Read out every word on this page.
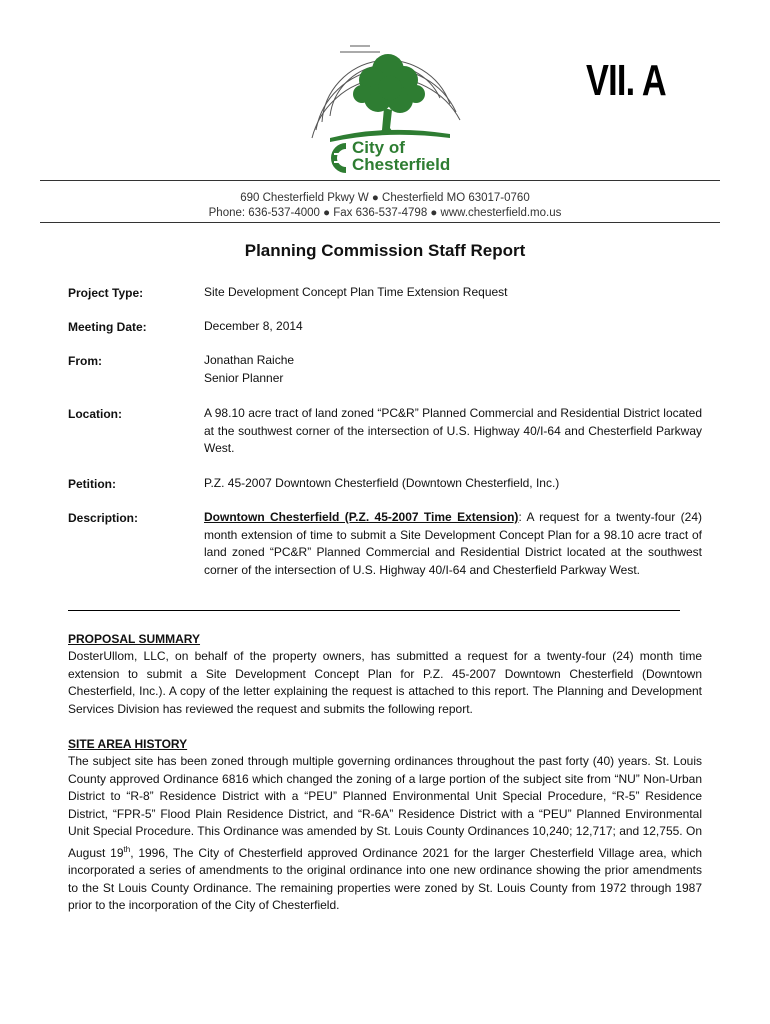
City of
Chesterfield
VII. A
690 Chesterfield Pkwy W ● Chesterfield MO 63017-0760
Phone: 636-537-4000 ● Fax 636-537-4798 ● www.chesterfield.mo.us
Planning Commission Staff Report
Project Type:	Site Development Concept Plan Time Extension Request
Meeting Date:	December 8, 2014
From:	Jonathan Raiche

Senior Planner

Location:	A 98.10 acre tract of land zoned “PC&R” Planned Commercial and Residential District located at the southwest corner of the intersection of U.S. Highway 40/I-64 and Chesterfield Parkway West.
Petition:	P.Z. 45-2007 Downtown Chesterfield (Downtown Chesterfield, Inc.)
Description:	Downtown Chesterfield (P.Z. 45-2007 Time Extension): A request for a twenty-four (24) month extension of time to submit a Site Development Concept Plan for a 98.10 acre tract of land zoned “PC&R” Planned Commercial and Residential District located at the southwest corner of the intersection of U.S. Highway 40/I-64 and Chesterfield Parkway West.
PROPOSAL SUMMARY

DosterUllom, LLC, on behalf of the property owners, has submitted a request for a twenty-four (24) month time extension to submit a Site Development Concept Plan for P.Z. 45-2007 Downtown Chesterfield (Downtown Chesterfield, Inc.). A copy of the letter explaining the request is attached to this report. The Planning and Development Services Division has reviewed the request and submits the following report.

SITE AREA HISTORY

The subject site has been zoned through multiple governing ordinances throughout the past forty (40) years. St. Louis County approved Ordinance 6816 which changed the zoning of a large portion of the subject site from “NU” Non-Urban District to “R-8” Residence District with a “PEU” Planned Environmental Unit Special Procedure, “R-5” Residence District, “FPR-5” Flood Plain Residence District, and “R-6A” Residence District with a “PEU” Planned Environmental Unit Special Procedure. This Ordinance was amended by St. Louis County Ordinances 10,240; 12,717; and 12,755. On August 19th, 1996, The City of Chesterfield approved Ordinance 2021 for the larger Chesterfield Village area, which incorporated a series of amendments to the original ordinance into one new ordinance showing the prior amendments to the St Louis County Ordinance. The remaining properties were zoned by St. Louis County from 1972 through 1987 prior to the incorporation of the City of Chesterfield.
